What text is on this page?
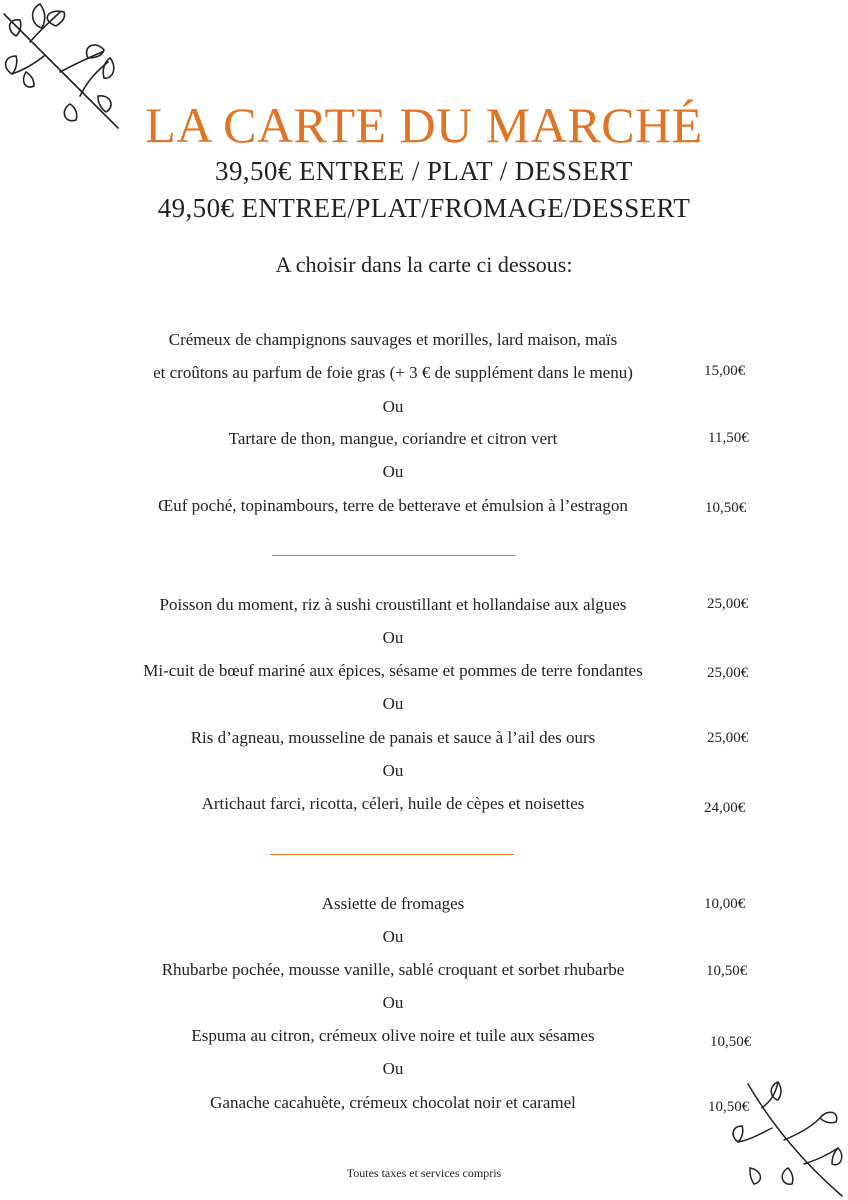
LA CARTE DU MARCHÉ
39,50€ ENTREE / PLAT / DESSERT
49,50€ ENTREE/PLAT/FROMAGE/DESSERT
A choisir dans la carte ci dessous:
Crémeux de champignons sauvages et morilles, lard maison, maïs
et croûtons au parfum de foie gras (+ 3 € de supplément dans le menu)	15,00€
Ou
Tartare de thon, mangue, coriandre et citron vert	11,50€
Ou
Œuf poché, topinambours, terre de betterave et émulsion à l’estragon	10,50€
Poisson du moment, riz à sushi croustillant et hollandaise aux algues	25,00€
Ou
Mi-cuit de bœuf mariné aux épices, sésame et pommes de terre fondantes	25,00€
Ou
Ris d’agneau, mousseline de panais et sauce à l’ail des ours	25,00€
Ou
Artichaut farci, ricotta, céleri, huile de cèpes et noisettes	24,00€
Assiette de fromages	10,00€
Ou
Rhubarbe pochée, mousse vanille, sablé croquant et sorbet rhubarbe	10,50€
Ou
Espuma au citron, crémeux olive noire et tuile aux sésames	10,50€
Ou
Ganache cacahuète, crémeux chocolat noir et caramel	10,50€
Toutes taxes et services compris
